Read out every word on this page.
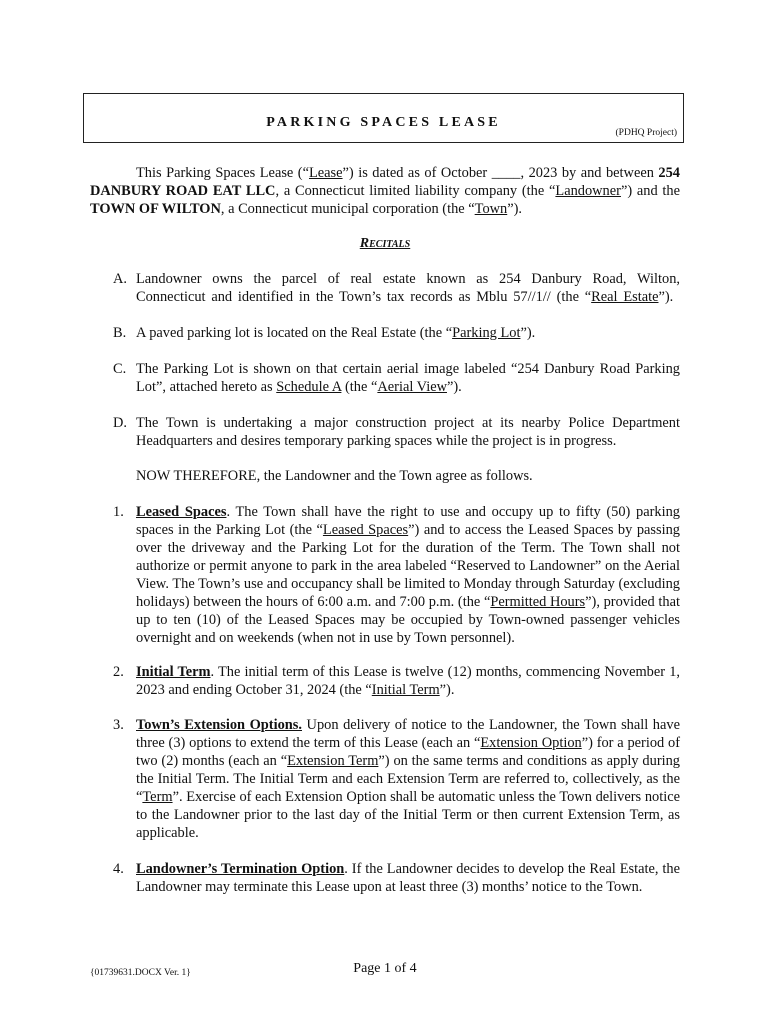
PARKING SPACES LEASE
(PDHQ Project)
This Parking Spaces Lease (“Lease”) is dated as of October ____, 2023 by and between 254 DANBURY ROAD EAT LLC, a Connecticut limited liability company (the “Landowner”) and the TOWN OF WILTON, a Connecticut municipal corporation (the “Town”).
Recitals
A. Landowner owns the parcel of real estate known as 254 Danbury Road, Wilton, Connecticut and identified in the Town’s tax records as Mblu 57//1// (the “Real Estate”).
B. A paved parking lot is located on the Real Estate (the “Parking Lot”).
C. The Parking Lot is shown on that certain aerial image labeled “254 Danbury Road Parking Lot”, attached hereto as Schedule A (the “Aerial View”).
D. The Town is undertaking a major construction project at its nearby Police Department Headquarters and desires temporary parking spaces while the project is in progress.
NOW THEREFORE, the Landowner and the Town agree as follows.
1. Leased Spaces. The Town shall have the right to use and occupy up to fifty (50) parking spaces in the Parking Lot (the “Leased Spaces”) and to access the Leased Spaces by passing over the driveway and the Parking Lot for the duration of the Term. The Town shall not authorize or permit anyone to park in the area labeled “Reserved to Landowner” on the Aerial View. The Town’s use and occupancy shall be limited to Monday through Saturday (excluding holidays) between the hours of 6:00 a.m. and 7:00 p.m. (the “Permitted Hours”), provided that up to ten (10) of the Leased Spaces may be occupied by Town-owned passenger vehicles overnight and on weekends (when not in use by Town personnel).
2. Initial Term. The initial term of this Lease is twelve (12) months, commencing November 1, 2023 and ending October 31, 2024 (the “Initial Term”).
3. Town’s Extension Options. Upon delivery of notice to the Landowner, the Town shall have three (3) options to extend the term of this Lease (each an “Extension Option”) for a period of two (2) months (each an “Extension Term”) on the same terms and conditions as apply during the Initial Term. The Initial Term and each Extension Term are referred to, collectively, as the “Term”. Exercise of each Extension Option shall be automatic unless the Town delivers notice to the Landowner prior to the last day of the Initial Term or then current Extension Term, as applicable.
4. Landowner’s Termination Option. If the Landowner decides to develop the Real Estate, the Landowner may terminate this Lease upon at least three (3) months’ notice to the Town.
{01739631.DOCX Ver. 1}	Page 1 of 4
